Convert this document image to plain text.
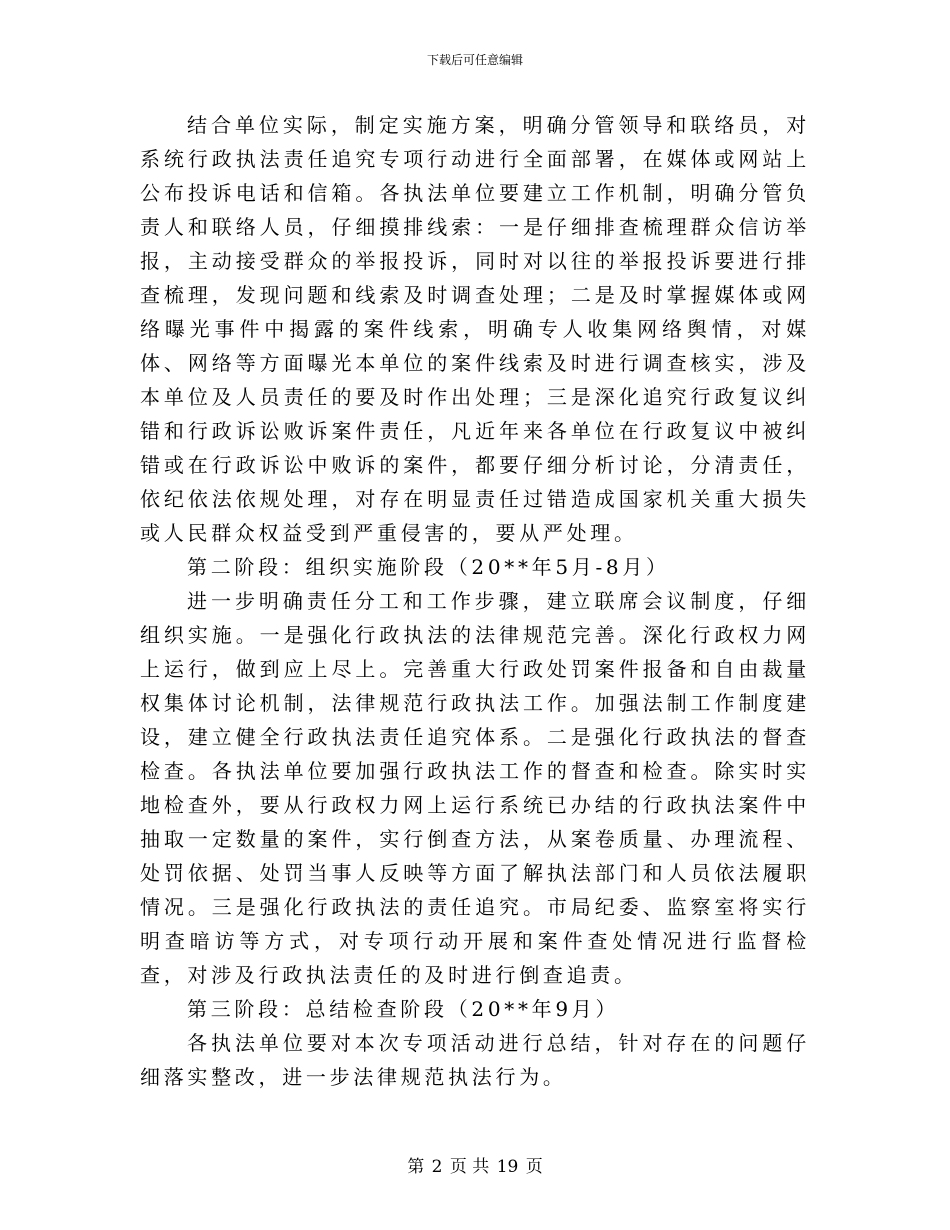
下载后可任意编辑

结合单位实际，制定实施方案，明确分管领导和联络员，对系统行政执法责任追究专项行动进行全面部署，在媒体或网站上公布投诉电话和信箱。各执法单位要建立工作机制，明确分管负责人和联络人员，仔细摸排线索：一是仔细排查梳理群众信访举报，主动接受群众的举报投诉，同时对以往的举报投诉要进行排查梳理，发现问题和线索及时调查处理；二是及时掌握媒体或网络曝光事件中揭露的案件线索，明确专人收集网络舆情，对媒体、网络等方面曝光本单位的案件线索及时进行调查核实，涉及本单位及人员责任的要及时作出处理；三是深化追究行政复议纠错和行政诉讼败诉案件责任，凡近年来各单位在行政复议中被纠错或在行政诉讼中败诉的案件，都要仔细分析讨论，分清责任，依纪依法依规处理，对存在明显责任过错造成国家机关重大损失或人民群众权益受到严重侵害的，要从严处理。

第二阶段：组织实施阶段（20**年5月-8月）

进一步明确责任分工和工作步骤，建立联席会议制度，仔细组织实施。一是强化行政执法的法律规范完善。深化行政权力网上运行，做到应上尽上。完善重大行政处罚案件报备和自由裁量权集体讨论机制，法律规范行政执法工作。加强法制工作制度建设，建立健全行政执法责任追究体系。二是强化行政执法的督查检查。各执法单位要加强行政执法工作的督查和检查。除实时实地检查外，要从行政权力网上运行系统已办结的行政执法案件中抽取一定数量的案件，实行倒查方法，从案卷质量、办理流程、处罚依据、处罚当事人反映等方面了解执法部门和人员依法履职情况。三是强化行政执法的责任追究。市局纪委、监察室将实行明查暗访等方式，对专项行动开展和案件查处情况进行监督检查，对涉及行政执法责任的及时进行倒查追责。

第三阶段：总结检查阶段（20**年9月）

各执法单位要对本次专项活动进行总结，针对存在的问题仔细落实整改，进一步法律规范执法行为。

第 2 页 共 19 页
